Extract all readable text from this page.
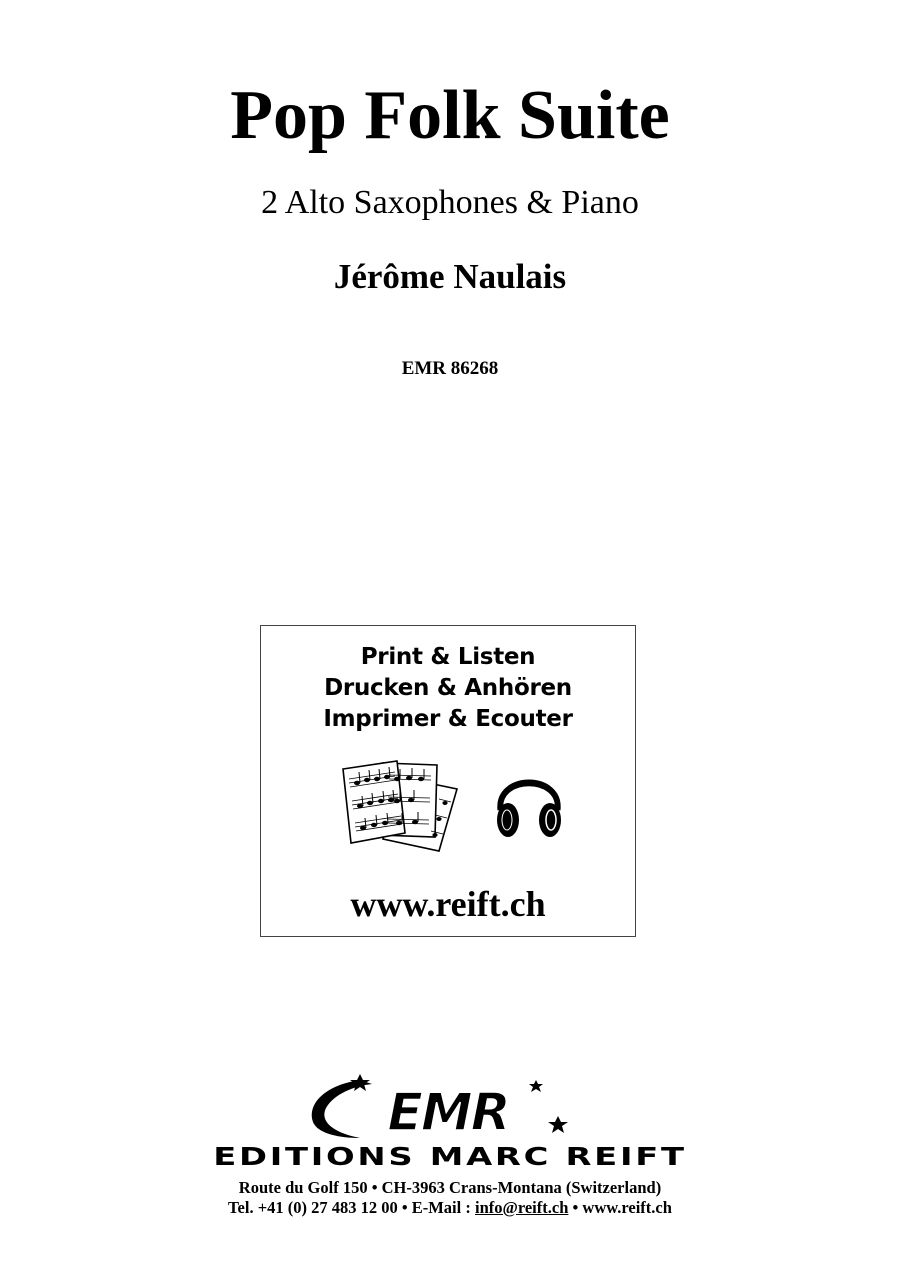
Pop Folk Suite
2 Alto Saxophones & Piano
Jérôme Naulais
EMR 86268
Print & Listen
Drucken & Anhören
Imprimer & Ecouter
www.reift.ch
EMR
EDITIONS MARC REIFT
Route du Golf 150 • CH-3963 Crans-Montana (Switzerland)
Tel. +41 (0) 27 483 12 00 • E-Mail : info@reift.ch • www.reift.ch
